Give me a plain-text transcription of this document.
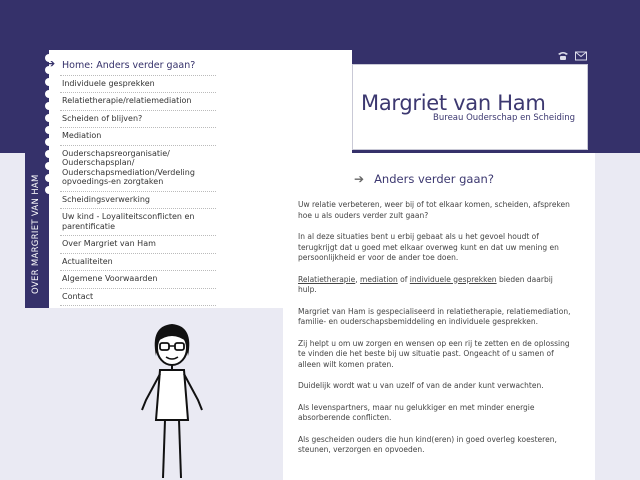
OVER MARGRIET VAN HAM
➔ Home: Anders verder gaan?
Individuele gesprekken
Relatietherapie/relatiemediation
Scheiden of blijven?
Mediation
Ouderschapsreorganisatie/ Ouderschapsplan/ Ouderschapsmediation/Verdeling opvoedings-en zorgtaken
Scheidingsverwerking
Uw kind - Loyaliteitsconflicten en parentificatie
Over Margriet van Ham
Actualiteiten
Algemene Voorwaarden
Contact
Margriet van Ham
Bureau Ouderschap en Scheiding
➔ Anders verder gaan?

Uw relatie verbeteren, weer bij of tot elkaar komen, scheiden, afspreken hoe u als ouders verder zult gaan?

In al deze situaties bent u erbij gebaat als u het gevoel houdt of terugkrijgt dat u goed met elkaar overweg kunt en dat uw mening en persoonlijkheid er voor de ander toe doen.

Relatietherapie, mediation of individuele gesprekken bieden daarbij hulp.

Margriet van Ham is gespecialiseerd in relatietherapie, relatiemediation, familie- en ouderschapsbemiddeling en individuele gesprekken.

Zij helpt u om uw zorgen en wensen op een rij te zetten en de oplossing te vinden die het beste bij uw situatie past. Ongeacht of u samen of alleen wilt komen praten.

Duidelijk wordt wat u van uzelf of van de ander kunt verwachten.

Als levenspartners, maar nu gelukkiger en met minder energie absorberende conflicten.

Als gescheiden ouders die hun kind(eren) in goed overleg koesteren, steunen, verzorgen en opvoeden.
